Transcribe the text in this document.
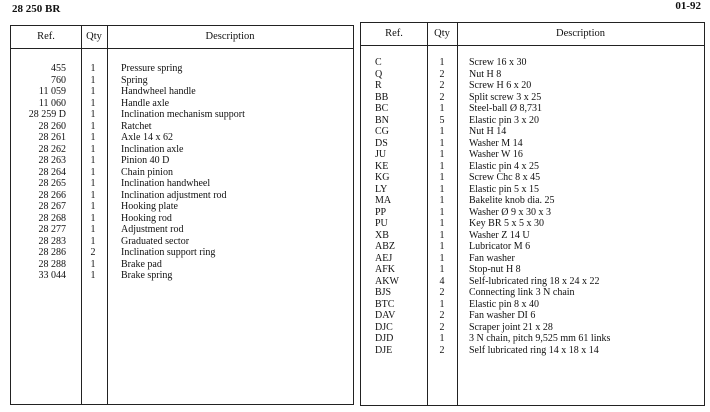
28 250 BR	01-92
Ref.	Qty	Description
455	1	Pressure spring
760	1	Spring
11 059	1	Handwheel handle
11 060	1	Handle axle
28 259 D	1	Inclination mechanism support
28 260	1	Ratchet
28 261	1	Axle 14 x 62
28 262	1	Inclination axle
28 263	1	Pinion 40 D
28 264	1	Chain pinion
28 265	1	Inclination handwheel
28 266	1	Inclination adjustment rod
28 267	1	Hooking plate
28 268	1	Hooking rod
28 277	1	Adjustment rod
28 283	1	Graduated sector
28 286	2	Inclination support ring
28 288	1	Brake pad
33 044	1	Brake spring
Ref.	Qty	Description
C	1	Screw 16 x 30
Q	2	Nut H 8
R	2	Screw H 6 x 20
BB	2	Split screw 3 x 25
BC	1	Steel-ball Ø 8,731
BN	5	Elastic pin 3 x 20
CG	1	Nut H 14
DS	1	Washer M 14
JU	1	Washer W 16
KE	1	Elastic pin 4 x 25
KG	1	Screw Chc 8 x 45
LY	1	Elastic pin 5 x 15
MA	1	Bakelite knob dia. 25
PP	1	Washer Ø 9 x 30 x 3
PU	1	Key BR 5 x 5 x 30
XB	1	Washer Z 14 U
ABZ	1	Lubricator M 6
AEJ	1	Fan washer
AFK	1	Stop-nut H 8
AKW	4	Self-lubricated ring 18 x 24 x 22
BJS	2	Connecting link 3 N chain
BTC	1	Elastic pin 8 x 40
DAV	2	Fan washer DI 6
DJC	2	Scraper joint 21 x 28
DJD	1	3 N chain, pitch 9,525 mm 61 links
DJE	2	Self lubricated ring 14 x 18 x 14
